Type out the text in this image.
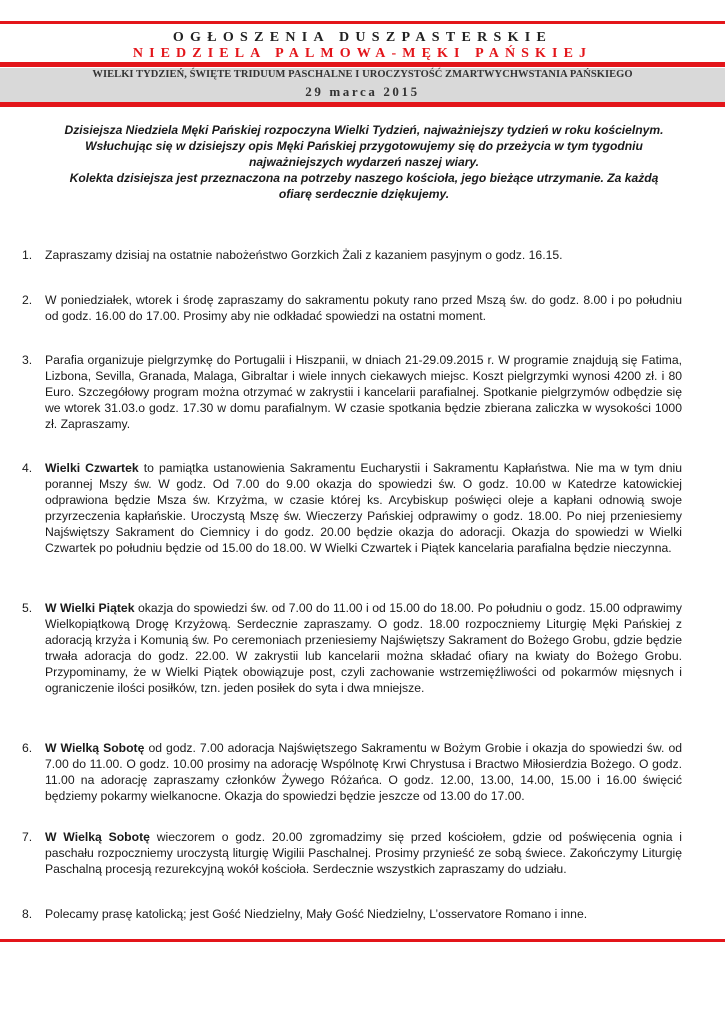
OGŁOSZENIA DUSZPASTERSKIE
NIEDZIELA PALMOWA-MĘKI PAŃSKIEJ
WIELKI TYDZIEŃ, ŚWIĘTE TRIDUUM PASCHALNE I UROCZYSTOŚĆ ZMARTWYCHWSTANIA PAŃSKIEGO
29 marca 2015

Dzisiejsza Niedziela Męki Pańskiej rozpoczyna Wielki Tydzień, najważniejszy tydzień w roku kościelnym.

Wsłuchując się w dzisiejszy opis Męki Pańskiej przygotowujemy się do przeżycia w tym tygodniu

najważniejszych wydarzeń naszej wiary.

Kolekta dzisiejsza jest przeznaczona na potrzeby naszego kościoła, jego bieżące utrzymanie. Za każdą

ofiarę serdecznie dziękujemy.

1. Zapraszamy dzisiaj na ostatnie nabożeństwo Gorzkich Żali z kazaniem pasyjnym o godz. 16.15.
2. W poniedziałek, wtorek i środę zapraszamy do sakramentu pokuty rano przed Mszą św. do godz. 8.00 i po południu od godz. 16.00 do 17.00. Prosimy aby nie odkładać spowiedzi na ostatni moment.
3. Parafia organizuje pielgrzymkę do Portugalii i Hiszpanii, w dniach 21-29.09.2015 r. W programie znajdują się Fatima, Lizbona, Sevilla, Granada, Malaga, Gibraltar i wiele innych ciekawych miejsc. Koszt pielgrzymki wynosi 4200 zł. i 80 Euro. Szczegółowy program można otrzymać w zakrystii i kancelarii parafialnej. Spotkanie pielgrzymów odbędzie się we wtorek 31.03.o godz. 17.30 w domu parafialnym. W czasie spotkania będzie zbierana zaliczka w wysokości 1000 zł. Zapraszamy.
4. Wielki Czwartek to pamiątka ustanowienia Sakramentu Eucharystii i Sakramentu Kapłaństwa. Nie ma w tym dniu porannej Mszy św. W godz. Od 7.00 do 9.00 okazja do spowiedzi św. O godz. 10.00 w Katedrze katowickiej odprawiona będzie Msza św. Krzyżma, w czasie której ks. Arcybiskup poświęci oleje a kapłani odnowią swoje przyrzeczenia kapłańskie. Uroczystą Mszę św. Wieczerzy Pańskiej odprawimy o godz. 18.00. Po niej przeniesiemy Najświętszy Sakrament do Ciemnicy i do godz. 20.00 będzie okazja do adoracji. Okazja do spowiedzi w Wielki Czwartek po południu będzie od 15.00 do 18.00. W Wielki Czwartek i Piątek kancelaria parafialna będzie nieczynna.
5. W Wielki Piątek okazja do spowiedzi św. od 7.00 do 11.00 i od 15.00 do 18.00. Po południu o godz. 15.00 odprawimy Wielkopiątkową Drogę Krzyżową. Serdecznie zapraszamy. O godz. 18.00 rozpoczniemy Liturgię Męki Pańskiej z adoracją krzyża i Komunią św. Po ceremoniach przeniesiemy Najświętszy Sakrament do Bożego Grobu, gdzie będzie trwała adoracja do godz. 22.00. W zakrystii lub kancelarii można składać ofiary na kwiaty do Bożego Grobu. Przypominamy, że w Wielki Piątek obowiązuje post, czyli zachowanie wstrzemięźliwości od pokarmów mięsnych i ograniczenie ilości posiłków, tzn. jeden posiłek do syta i dwa mniejsze.
6. W Wielką Sobotę od godz. 7.00 adoracja Najświętszego Sakramentu w Bożym Grobie i okazja do spowiedzi św. od 7.00 do 11.00. O godz. 10.00 prosimy na adorację Wspólnotę Krwi Chrystusa i Bractwo Miłosierdzia Bożego. O godz. 11.00 na adorację zapraszamy członków Żywego Różańca. O godz. 12.00, 13.00, 14.00, 15.00 i 16.00 święcić będziemy pokarmy wielkanocne. Okazja do spowiedzi będzie jeszcze od 13.00 do 17.00.
7. W Wielką Sobotę wieczorem o godz. 20.00 zgromadzimy się przed kościołem, gdzie od poświęcenia ognia i paschału rozpoczniemy uroczystą liturgię Wigilii Paschalnej. Prosimy przynieść ze sobą świece. Zakończymy Liturgię Paschalną procesją rezurekcyjną wokół kościoła. Serdecznie wszystkich zapraszamy do udziału.
8. Polecamy prasę katolicką; jest Gość Niedzielny, Mały Gość Niedzielny, L’osservatore Romano i inne.
